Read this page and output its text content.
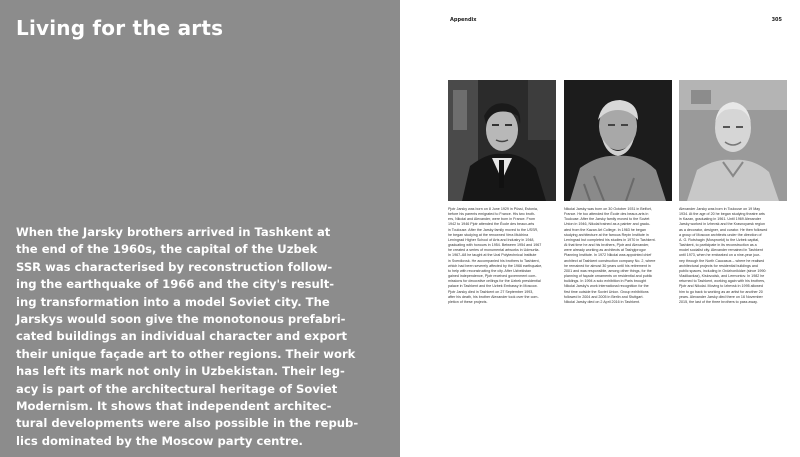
Living for the arts
When the Jarsky brothers arrived in Tashkent at
the end of the 1960s, the capital of the Uzbek
SSR was characterised by reconstruction follow-
ing the earthquake of 1966 and the city's result-
ing transformation into a model Soviet city. The
Jarskys would soon give the monotonous prefabri-
cated buildings an individual character and export
their unique façade art to other regions. Their work
has left its mark not only in Uzbekistan. Their leg-
acy is part of the architectural heritage of Soviet
Modernism. It shows that independent architec-
tural developments were also possible in the repub-
lics dominated by the Moscow party centre.
Appendix	305
Pjotr Jarsky was born on 8 June 1929 in Püssi, Estonia,
before his parents emigrated to France. His two broth-
ers, Nikolai and Alexander, were born in France. From
1942 to 1946 Pjotr attended the École des beaux-arts
in Toulouse. After the Jarsky family moved to the USSR,
he began studying at the renowned Vera Mukhina
Leningrad Higher School of Arts and Industry in 1948,
graduating with honours in 1954. Between 1954 and 1967
he created a series of monumental artworks in Udmurtia.
In 1967–68 he taught at the Ural Polytechnical Institute
in Sverdlovsk. He accompanied his brothers to Tashkent,
which had been severely affected by the 1966 earthquake,
to help with reconstructing the city. After Uzbekistan
gained independence, Pjotr received government com-
missions for decorative ceilings for the Uzbek presidential
palace in Tashkent and the Uzbek Embassy in Moscow.
Pjotr Jarsky died in Tashkent on 27 September 1993,
after his death, his brother Alexander took over the com-
pletion of these projects.
Nikolai Jarsky was born on 30 October 1931 in Belfort,
France. He too attended the École des beaux-arts in
Toulouse. After the Jarsky family moved to the Soviet
Union in 1946, Nikolai trained as a painter and gradu-
ated from the Kazan Art College. In 1963 he began
studying architecture at the famous Repin Institute in
Leningrad but completed his studies in 1970 in Tashkent.
At that time he and his brothers, Pjotr and Alexander,
were already working as architects at Tashgiprogor
Planning Institute. In 1972 Nikolai was appointed chief
architect at Tashkent construction company No. 2, where
he remained for almost 30 years until his retirement in
2001 and was responsible, among other things, for the
planning of façade ornaments on residential and public
buildings. In 1994 a solo exhibition in Paris brought
Nikolai Jarsky's work international recognition for the
first time outside the Soviet Union. Group exhibitions
followed in 2004 and 2005 in Berlin and Stuttgart.
Nikolai Jarsky died on 2 April 2016 in Tashkent.
Alexander Jarsky was born in Toulouse on 19 May
1934. At the age of 20 he began studying theatre arts
in Kazan, graduating in 1961. Until 1969 Alexander
Jarsky worked in Izhevsk and the Krasnoyarsk region
as a decorator, designer, and curator. He then followed
a group of Moscow architects under the direction of
A. G. Rotshagin (Mosproekt) to the Uzbek capital,
Tashkent, to participate in its reconstruction as a
model socialist city. Alexander remained in Tashkent
until 1973, when he embarked on a nine-year jour-
ney through the North Caucasus – where he realised
architectural projects for residential buildings and
public spaces, including in Ordzhonikidze (since 1990:
Vladikavkaz), Kislovodsk, and Lermontov. In 1982 he
returned to Tashkent, working again with his brothers,
Pjotr and Nikolai. Moving to Izhevsk in 1995 allowed
him to go back to working as an artist for another 20
years. Alexander Jarsky died there on 16 November
2015, the last of the three brothers to pass away.
